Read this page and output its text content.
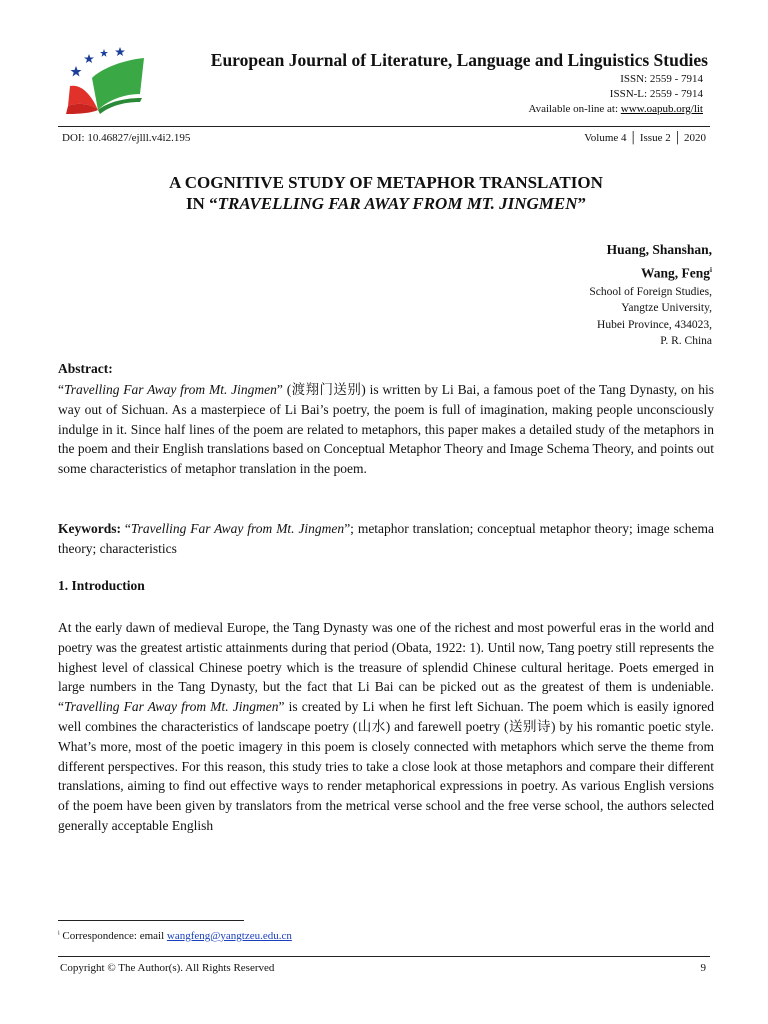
European Journal of Literature, Language and Linguistics Studies
ISSN: 2559 - 7914
ISSN-L: 2559 - 7914
Available on-line at: www.oapub.org/lit
DOI: 10.46827/ejlll.v4i2.195	Volume 4 │ Issue 2 │ 2020
A COGNITIVE STUDY OF METAPHOR TRANSLATION
IN “TRAVELLING FAR AWAY FROM MT. JINGMEN”
Huang, Shanshan,
Wang, Feng$^i$
School of Foreign Studies,
Yangtze University,
Hubei Province, 434023,
P. R. China
Abstract:
“Travelling Far Away from Mt. Jingmen” (渡翔门送别) is written by Li Bai, a famous poet of the Tang Dynasty, on his way out of Sichuan. As a masterpiece of Li Bai’s poetry, the poem is full of imagination, making people unconsciously indulge in it. Since half lines of the poem are related to metaphors, this paper makes a detailed study of the metaphors in the poem and their English translations based on Conceptual Metaphor Theory and Image Schema Theory, and points out some characteristics of metaphor translation in the poem.
Keywords: “Travelling Far Away from Mt. Jingmen”; metaphor translation; conceptual metaphor theory; image schema theory; characteristics
1. Introduction
At the early dawn of medieval Europe, the Tang Dynasty was one of the richest and most powerful eras in the world and poetry was the greatest artistic attainments during that period (Obata, 1922: 1). Until now, Tang poetry still represents the highest level of classical Chinese poetry which is the treasure of splendid Chinese cultural heritage. Poets emerged in large numbers in the Tang Dynasty, but the fact that Li Bai can be picked out as the greatest of them is undeniable. “Travelling Far Away from Mt. Jingmen” is created by Li when he first left Sichuan. The poem which is easily ignored well combines the characteristics of landscape poetry (山水) and farewell poetry (送别诗) by his romantic poetic style. What’s more, most of the poetic imagery in this poem is closely connected with metaphors which serve the theme from different perspectives. For this reason, this study tries to take a close look at those metaphors and compare their different translations, aiming to find out effective ways to render metaphorical expressions in poetry. As various English versions of the poem have been given by translators from the metrical verse school and the free verse school, the authors selected generally acceptable English
$^i$ Correspondence: email wangfeng@yangtzeu.edu.cn
Copyright © The Author(s). All Rights Reserved	9
